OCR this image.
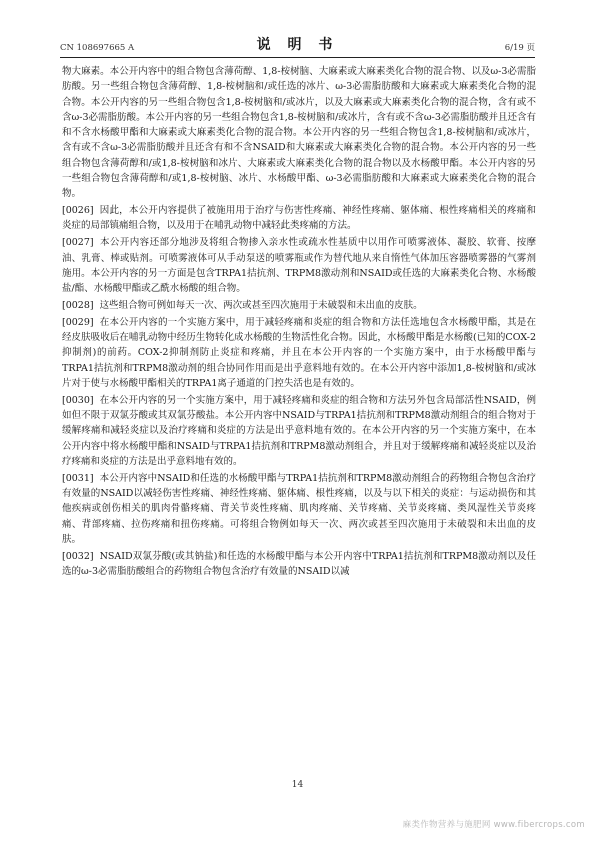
CN 108697665 A	说 明 书	6/19 页

物大麻素。本公开内容中的组合物包含薄荷醇、1,8-桉树脑、大麻素或大麻素类化合物的混合物、以及ω-3必需脂肪酸。另一些组合物包含薄荷醇、1,8-桉树脑和/或任选的冰片、ω-3必需脂肪酸和大麻素或大麻素类化合物的混合物。本公开内容的另一些组合物包含1,8-桉树脑和/或冰片，以及大麻素或大麻素类化合物的混合物，含有或不含ω-3必需脂肪酸。本公开内容的另一些组合物包含1,8-桉树脑和/或冰片，含有或不含ω-3必需脂肪酸并且还含有和不含水杨酸甲酯和大麻素或大麻素类化合物的混合物。本公开内容的另一些组合物包含1,8-桉树脑和/或冰片，含有或不含ω-3必需脂肪酸并且还含有和不含NSAID和大麻素或大麻素类化合物的混合物。本公开内容的另一些组合物包含薄荷醇和/或1,8-桉树脑和冰片、大麻素或大麻素类化合物的混合物以及水杨酸甲酯。本公开内容的另一些组合物包含薄荷醇和/或1,8-桉树脑、冰片、水杨酸甲酯、ω-3必需脂肪酸和大麻素或大麻素类化合物的混合物。

[0026] 因此，本公开内容提供了被施用用于治疗与伤害性疼痛、神经性疼痛、躯体痛、根性疼痛相关的疼痛和炎症的局部镇痛组合物，以及用于在哺乳动物中减轻此类疼痛的方法。

[0027] 本公开内容还部分地涉及将组合物掺入亲水性或疏水性基质中以用作可喷雾液体、凝胶、软膏、按摩油、乳膏、棒或贴剂。可喷雾液体可从手动泵送的喷雾瓶或作为替代地从来自惰性气体加压容器喷雾器的气雾剂施用。本公开内容的另一方面是包含TRPA1拮抗剂、TRPM8激动剂和NSAID或任选的大麻素类化合物、水杨酸盐/酯、水杨酸甲酯或乙酰水杨酸的组合物。

[0028] 这些组合物可例如每天一次、两次或甚至四次施用于未破裂和未出血的皮肤。

[0029] 在本公开内容的一个实施方案中，用于减轻疼痛和炎症的组合物和方法任选地包含水杨酸甲酯，其是在经皮肤吸收后在哺乳动物中经历生物转化成水杨酸的生物活性化合物。因此，水杨酸甲酯是水杨酸(已知的COX-2抑制剂)的前药。COX-2抑制剂防止炎症和疼痛，并且在本公开内容的一个实施方案中，由于水杨酸甲酯与TRPA1拮抗剂和TRPM8激动剂的组合协同作用而是出乎意料地有效的。在本公开内容中添加1,8-桉树脑和/或冰片对于使与水杨酸甲酯相关的TRPA1离子通道的门控失活也是有效的。

[0030] 在本公开内容的另一个实施方案中，用于减轻疼痛和炎症的组合物和方法另外包含局部活性NSAID，例如但不限于双氯芬酸或其双氯芬酸盐。本公开内容中NSAID与TRPA1拮抗剂和TRPM8激动剂组合的组合物对于缓解疼痛和减轻炎症以及治疗疼痛和炎症的方法是出乎意料地有效的。在本公开内容的另一个实施方案中，在本公开内容中将水杨酸甲酯和NSAID与TRPA1拮抗剂和TRPM8激动剂组合，并且对于缓解疼痛和减轻炎症以及治疗疼痛和炎症的方法是出乎意料地有效的。

[0031] 本公开内容中NSAID和任选的水杨酸甲酯与TRPA1拮抗剂和TRPM8激动剂组合的药物组合物包含治疗有效量的NSAID以减轻伤害性疼痛、神经性疼痛、躯体痛、根性疼痛，以及与以下相关的炎症：与运动损伤和其他疾病或创伤相关的肌肉骨骼疼痛、背关节炎性疼痛、肌肉疼痛、关节疼痛、关节炎疼痛、类风湿性关节炎疼痛、背部疼痛、拉伤疼痛和扭伤疼痛。可将组合物例如每天一次、两次或甚至四次施用于未破裂和未出血的皮肤。

[0032] NSAID双氯芬酸(或其钠盐)和任选的水杨酸甲酯与本公开内容中TRPA1拮抗剂和TRPM8激动剂以及任选的ω-3必需脂肪酸组合的药物组合物包含治疗有效量的NSAID以减

14
麻类作物营养与施肥网 www.fibercrops.com
